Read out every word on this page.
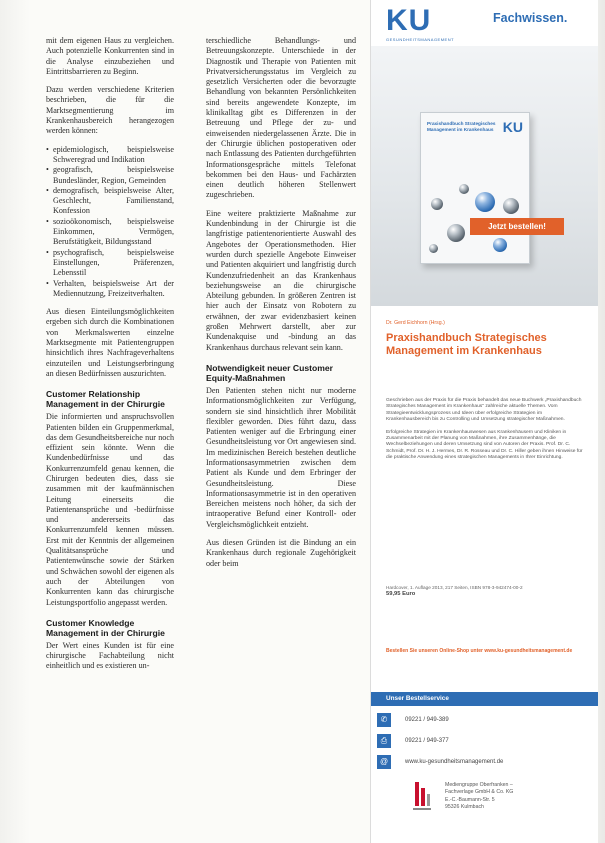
mit dem eigenen Haus zu vergleichen. Auch potenzielle Konkurrenten sind in die Analyse einzubeziehen und Eintrittsbarrieren zu Beginn.

Dazu werden verschiedene Kriterien beschrieben, die für die Marktsegmentierung im Krankenhausbereich herangezogen werden können:

• epidemiologisch, beispielsweise Schweregrad und Indikation
• geografisch, beispielsweise Bundesländer, Region, Gemeinden
• demografisch, beispielsweise Alter, Geschlecht, Familienstand, Konfession
• sozioökonomisch, beispielsweise Einkommen, Vermögen, Berufstätigkeit, Bildungsstand
• psychografisch, beispielsweise Einstellungen, Präferenzen, Lebensstil
• Verhalten, beispielsweise Art der Mediennutzung, Freizeitverhalten.

Aus diesen Einteilungsmöglichkeiten ergeben sich durch die Kombinationen von Merkmalswerten einzelne Marktsegmente mit Patientengruppen hinsichtlich ihres Nachfrageverhaltens einzuteilen und Leistungserbringung an diesen Bedürfnissen auszurichten.

Customer Relationship Management in der Chirurgie

Die informierten und anspruchsvollen Patienten bilden ein Gruppenmerkmal, das dem Gesundheitsbereiche nur noch effizient sein könnte. Wenn die Kundenbedürfnisse und das Konkurrenzumfeld genau kennen, die Chirurgen bedeuten dies, dass sie zusammen mit der kaufmännischen Leitung einerseits die Patientenansprüche und -bedürfnisse und andererseits das Konkurrenzumfeld kennen müssen. Erst mit der Kenntnis der allgemeinen Qualitätsansprüche und Patientenwünsche sowie der Stärken und Schwächen sowohl der eigenen als auch der Abteilungen von Konkurrenten kann das chirurgische Leistungsportfolio angepasst werden.

Customer Knowledge Management in der Chirurgie

Der Wert eines Kunden ist für eine chirurgische Fachabteilung nicht einheitlich und es existieren un-

terschiedliche Behandlungs- und Betreuungskonzepte. Unterschiede in der Diagnostik und Therapie von Patienten mit Privatversicherungsstatus im Vergleich zu gesetzlich Versicherten oder die bevorzugte Behandlung von bekannten Persönlichkeiten sind bereits angewendete Konzepte, im klinikalltag gibt es Differenzen in der Betreuung und Pflege der zu- und einweisenden niedergelassenen Ärzte. Die in der Chirurgie üblichen postoperativen oder nach Entlassung des Patienten durchgeführten Informationsgespräche mittels Telefonat bekommen bei den Haus- und Fachärzten einen deutlich höheren Stellenwert zugeschrieben.

Eine weitere praktizierte Maßnahme zur Kundenbindung in der Chirurgie ist die langfristige patientenorientierte Auswahl des Angebotes der Operationsmethoden. Hier wurden durch spezielle Angebote Einweiser und Patienten akquiriert und langfristig durch Kundenzufriedenheit an das Krankenhaus beziehungsweise an die chirurgische Abteilung gebunden. In größeren Zentren ist hier auch der Einsatz von Robotern zu erwähnen, der zwar evidenzbasiert keinen großen Mehrwert darstellt, aber zur Kundenakquise und -bindung an das Krankenhaus durchaus relevant sein kann.

Notwendigkeit neuer Customer Equity-Maßnahmen

Den Patienten stehen nicht nur moderne Informationsmöglichkeiten zur Verfügung, sondern sie sind hinsichtlich ihrer Mobilität flexibler geworden. Dies führt dazu, dass Patienten weniger auf die Erbringung einer Gesundheitsleistung vor Ort angewiesen sind. Im medizinischen Bereich bestehen deutliche Informationsasymmetrien zwischen dem Patient als Kunde und dem Erbringer der Gesundheitsleistung. Diese Informationsasymmetrie ist in den operativen Bereichen meistens noch höher, da sich der intraoperative Befund einer Kontroll- oder Vergleichsmöglichkeit entzieht.

Aus diesen Gründen ist die Bindung an ein Krankenhaus durch regionale Zugehörigkeit oder beim

KU
GESUNDHEITSMANAGEMENT
Fachwissen.
Praxishandbuch Strategisches Management im Krankenhaus KU
Jetzt bestellen!
Dr. Gerd Eichhorn (Hrsg.)
Praxishandbuch Strategisches Management im Krankenhaus

Geschrieben aus der Praxis für die Praxis behandelt das neue Buchwerk „Praxishandbuch Strategisches Management im Krankenhaus" zahlreiche aktuelle Themen. Vom Strategieentwicklungsprozess und Ideen über erfolgreiche Strategien im Krankenhausbereich bis zu Controlling und Umsetzung strategischer Maßnahmen.

Erfolgreiche Strategien im Krankenhauswesen aus Krankenhäusern und Kliniken in Zusammenarbeit mit der Planung von Maßnahmen, ihre Zusammenhänge, die Wechselbeziehungen und deren Umsetzung sind von Autoren der Praxis. Prof. Dr. C. Schmidt, Prof. Dr. H. J. Hermes, Dr. R. Rosseau und Dr. C. Hiller geben ihnen Hinweise für die praktische Anwendung eines strategischen Managements in Ihrer Einrichtung.

Hardcover, 1. Auflage 2013, 217 Seiten, ISBN 978-3-942474-00-2
59,95 Euro
Bestellen Sie unseren Online-Shop unter www.ku-gesundheitsmanagement.de
Unser Bestellservice
✆	09221 / 949-389
⎙	09221 / 949-377
@	www.ku-gesundheitsmanagement.de
Mediengruppe Oberfranken –
Fachverlage GmbH & Co. KG
E.-C.-Baumann-Str. 5
95326 Kulmbach
